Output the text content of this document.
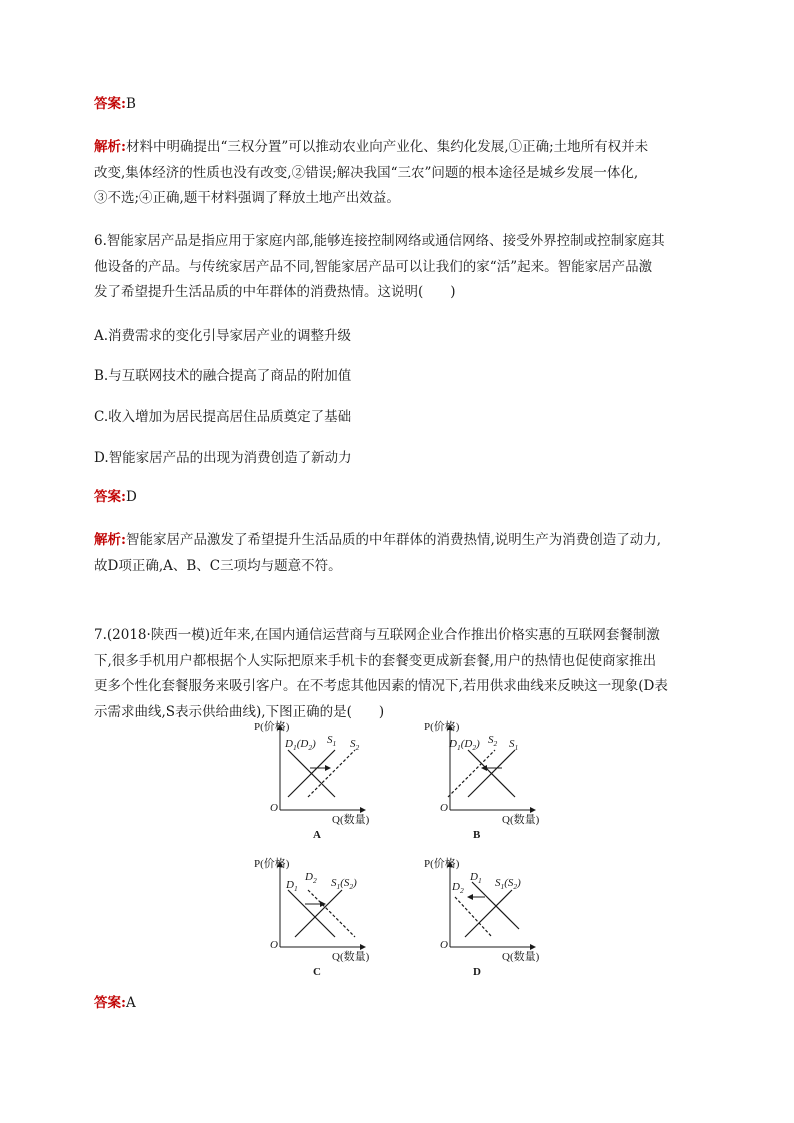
答案:B
解析:材料中明确提出“三权分置”可以推动农业向产业化、集约化发展,①正确;土地所有权并未
改变,集体经济的性质也没有改变,②错误;解决我国“三农”问题的根本途径是城乡发展一体化,
③不选;④正确,题干材料强调了释放土地产出效益。
6.智能家居产品是指应用于家庭内部,能够连接控制网络或通信网络、接受外界控制或控制家庭其
他设备的产品。与传统家居产品不同,智能家居产品可以让我们的家“活”起来。智能家居产品激
发了希望提升生活品质的中年群体的消费热情。这说明(　　)
A.消费需求的变化引导家居产业的调整升级
B.与互联网技术的融合提高了商品的附加值
C.收入增加为居民提高居住品质奠定了基础
D.智能家居产品的出现为消费创造了新动力
答案:D
解析:智能家居产品激发了希望提升生活品质的中年群体的消费热情,说明生产为消费创造了动力,
故D项正确,A、B、C三项均与题意不符。
7.(2018·陕西一模)近年来,在国内通信运营商与互联网企业合作推出价格实惠的互联网套餐制激
下,很多手机用户都根据个人实际把原来手机卡的套餐变更成新套餐,用户的热情也促使商家推出
更多个性化套餐服务来吸引客户。在不考虑其他因素的情况下,若用供求曲线来反映这一现象(D表
示需求曲线,S表示供给曲线),下图正确的是(　　)
P(价格)
O
Q(数量)
$D_1(D_2)$ $S_1$ $S_2$
A
P(价格)
O
Q(数量)
$D_1(D_2)$ $S_2$ $S_1$
B
P(价格)
O
Q(数量)
$D_1$
$D_2$ $S_1(S_2)$
C
P(价格)
O
Q(数量)
$D_1$
$D_2$
$S_1(S_2)$
D
答案:A
